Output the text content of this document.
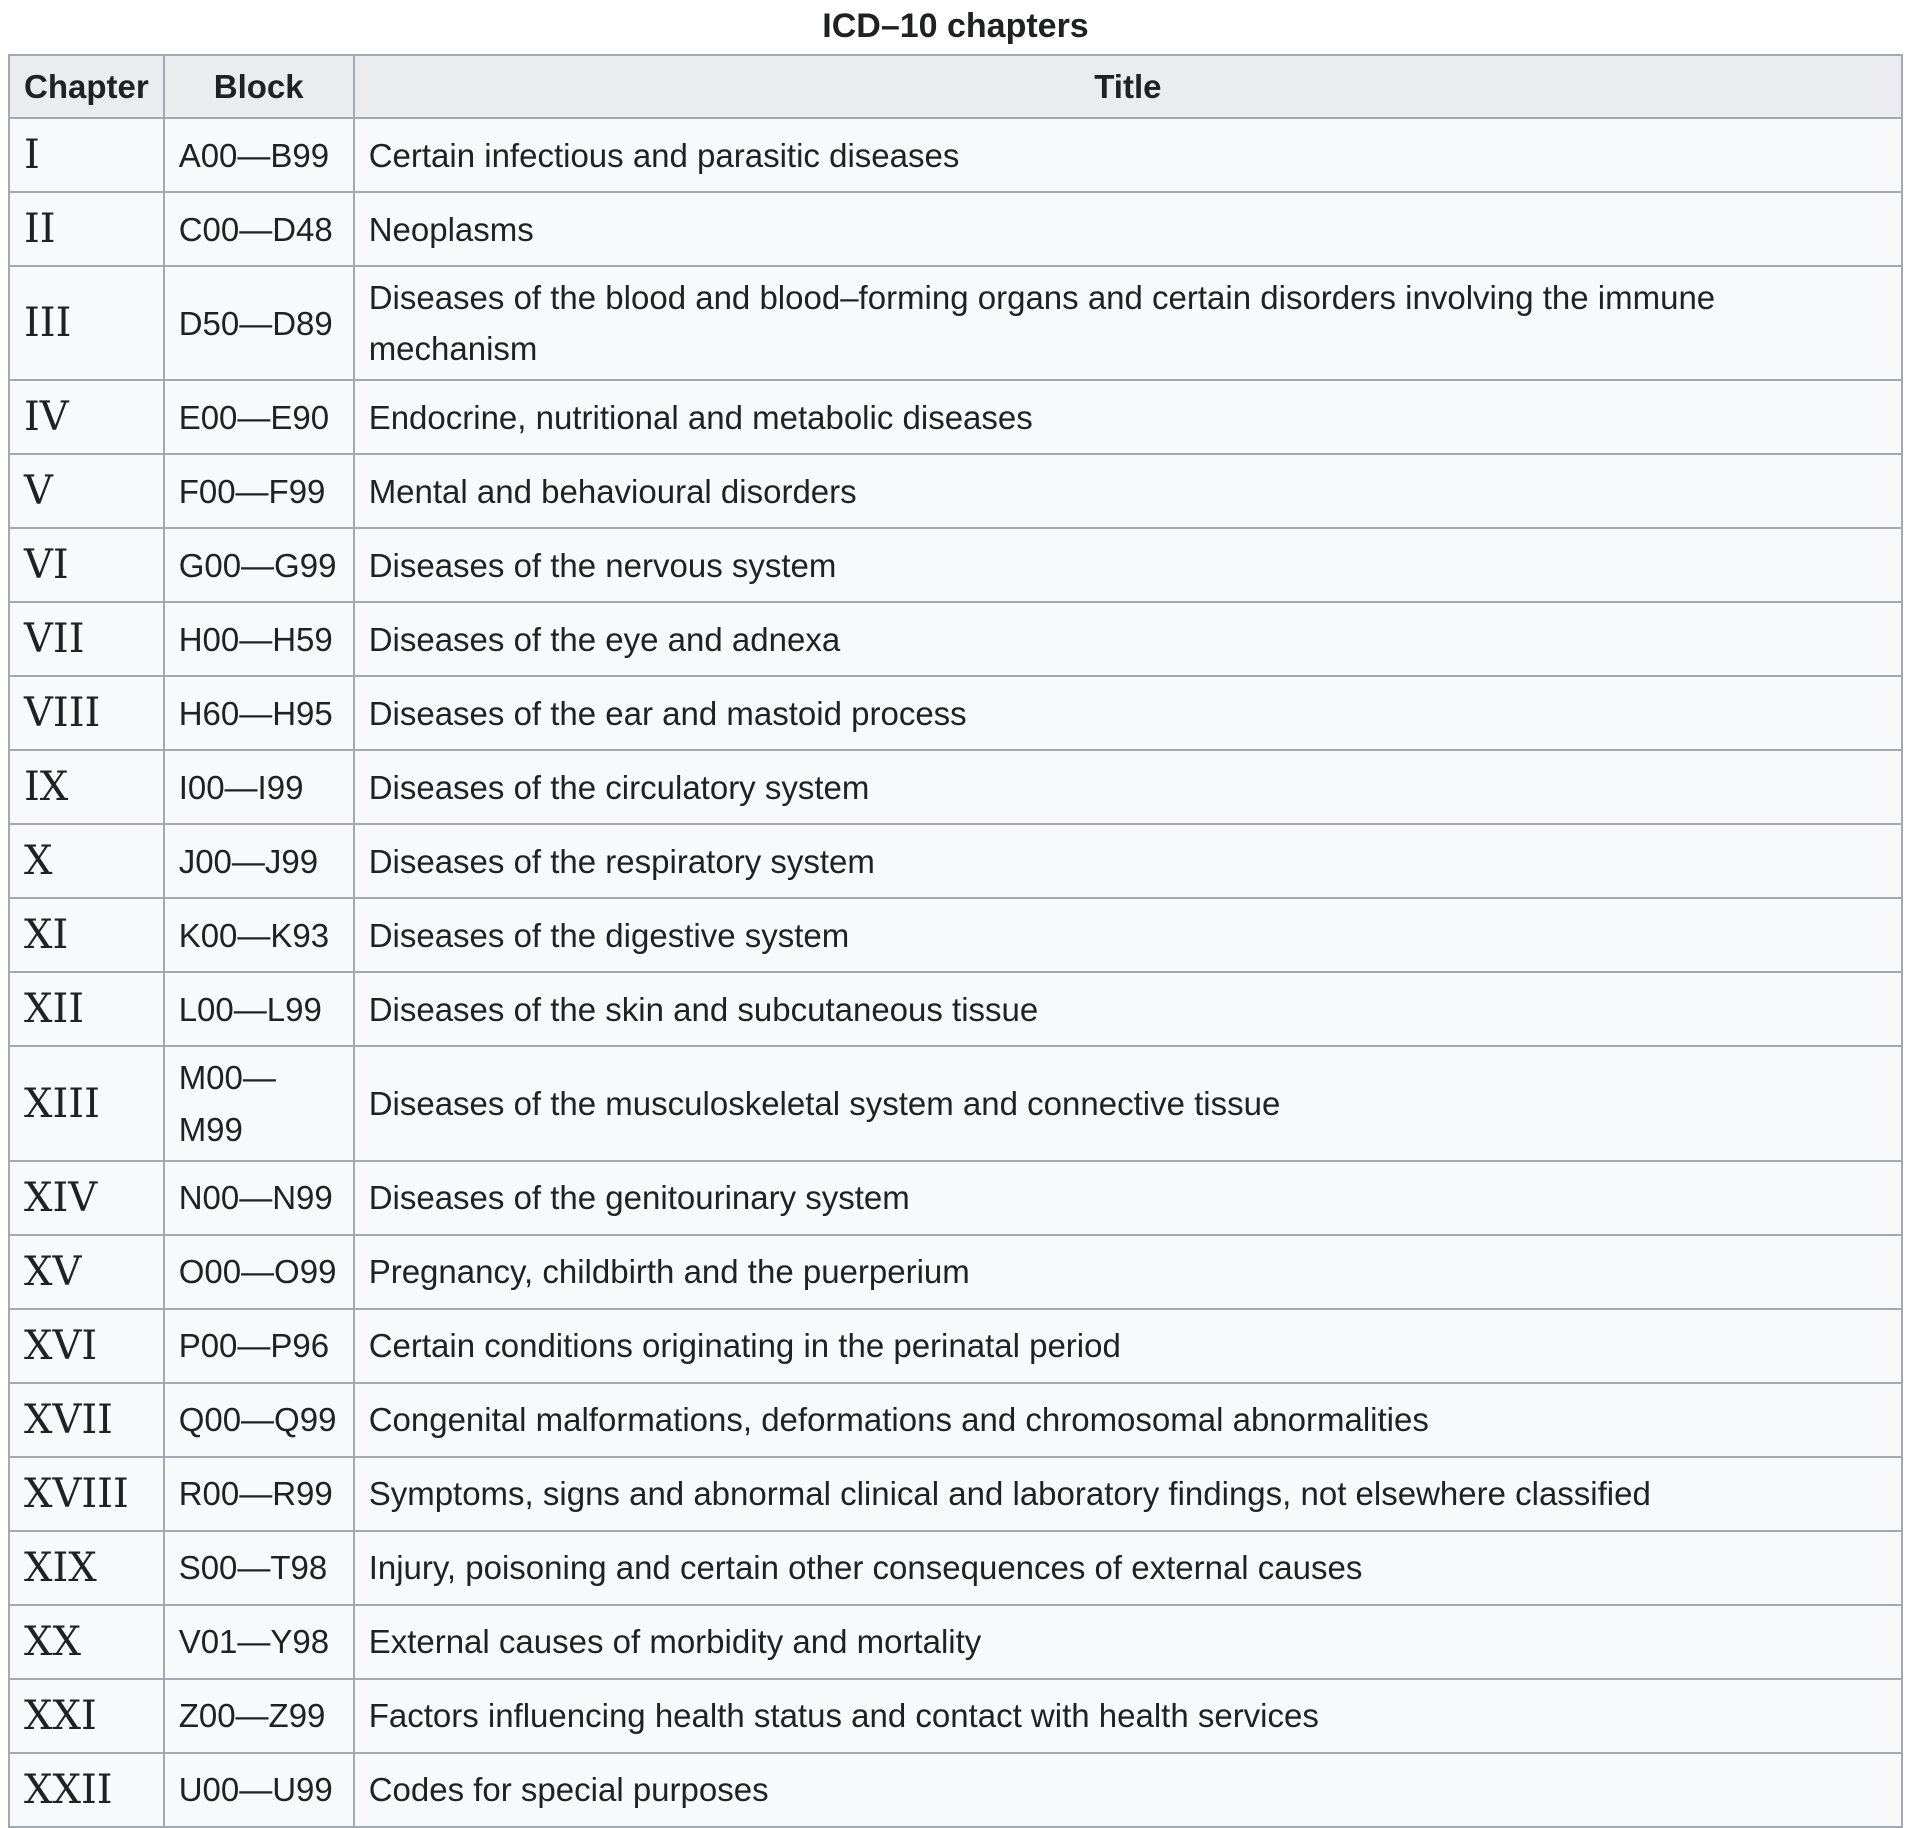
ICD–10 chapters
Chapter	Block	Title
I	A00—B99	Certain infectious and parasitic diseases
II	C00—D48	Neoplasms
III	D50—D89	Diseases of the blood and blood–forming organs and certain disorders involving the immune mechanism
IV	E00—E90	Endocrine, nutritional and metabolic diseases
V	F00—F99	Mental and behavioural disorders
VI	G00—G99	Diseases of the nervous system
VII	H00—H59	Diseases of the eye and adnexa
VIII	H60—H95	Diseases of the ear and mastoid process
IX	I00—I99	Diseases of the circulatory system
X	J00—J99	Diseases of the respiratory system
XI	K00—K93	Diseases of the digestive system
XII	L00—L99	Diseases of the skin and subcutaneous tissue
XIII	M00—M99	Diseases of the musculoskeletal system and connective tissue
XIV	N00—N99	Diseases of the genitourinary system
XV	O00—O99	Pregnancy, childbirth and the puerperium
XVI	P00—P96	Certain conditions originating in the perinatal period
XVII	Q00—Q99	Congenital malformations, deformations and chromosomal abnormalities
XVIII	R00—R99	Symptoms, signs and abnormal clinical and laboratory findings, not elsewhere classified
XIX	S00—T98	Injury, poisoning and certain other consequences of external causes
XX	V01—Y98	External causes of morbidity and mortality
XXI	Z00—Z99	Factors influencing health status and contact with health services
XXII	U00—U99	Codes for special purposes
